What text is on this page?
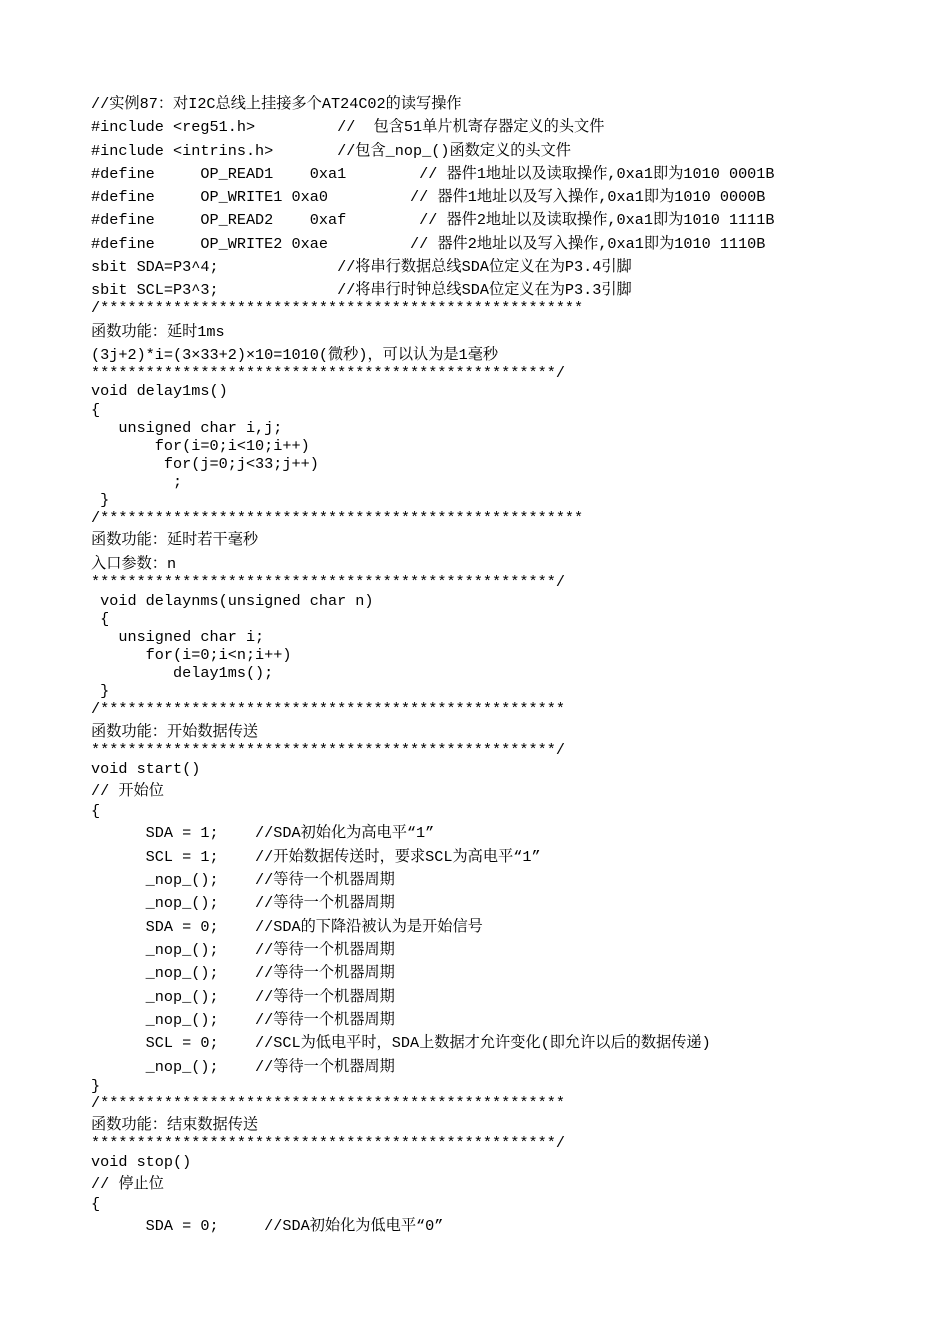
//实例87：对I2C总线上挂接多个AT24C02的读写操作
#include <reg51.h>         //  包含51单片机寄存器定义的头文件
#include <intrins.h>       //包含_nop_()函数定义的头文件
#define     OP_READ1    0xa1        // 器件1地址以及读取操作,0xa1即为1010 0001B
#define     OP_WRITE1 0xa0         // 器件1地址以及写入操作,0xa1即为1010 0000B
#define     OP_READ2    0xaf        // 器件2地址以及读取操作,0xa1即为1010 1111B
#define     OP_WRITE2 0xae         // 器件2地址以及写入操作,0xa1即为1010 1110B
sbit SDA=P3^4;             //将串行数据总线SDA位定义在为P3.4引脚
sbit SCL=P3^3;             //将串行时钟总线SDA位定义在为P3.3引脚
/*****************************************************
函数功能：延时1ms
(3j+2)*i=(3×33+2)×10=1010(微秒)，可以认为是1毫秒
***************************************************/
void delay1ms()
{
unsigned char i,j;
for(i=0;i<10;i++)
for(j=0;j<33;j++)
;
}
/*****************************************************
函数功能：延时若干毫秒
入口参数：n
***************************************************/
void delaynms(unsigned char n)
{
unsigned char i;
for(i=0;i<n;i++)
delay1ms();
}
/***************************************************
函数功能：开始数据传送
***************************************************/
void start()
// 开始位
{
SDA = 1;    //SDA初始化为高电平“1”
SCL = 1;    //开始数据传送时，要求SCL为高电平“1”
_nop_();    //等待一个机器周期
_nop_();    //等待一个机器周期
SDA = 0;    //SDA的下降沿被认为是开始信号
_nop_();    //等待一个机器周期
_nop_();    //等待一个机器周期
_nop_();    //等待一个机器周期
_nop_();    //等待一个机器周期
SCL = 0;    //SCL为低电平时，SDA上数据才允许变化(即允许以后的数据传递)
_nop_();    //等待一个机器周期
}
/***************************************************
函数功能：结束数据传送
***************************************************/
void stop()
// 停止位
{
SDA = 0;     //SDA初始化为低电平“0”
